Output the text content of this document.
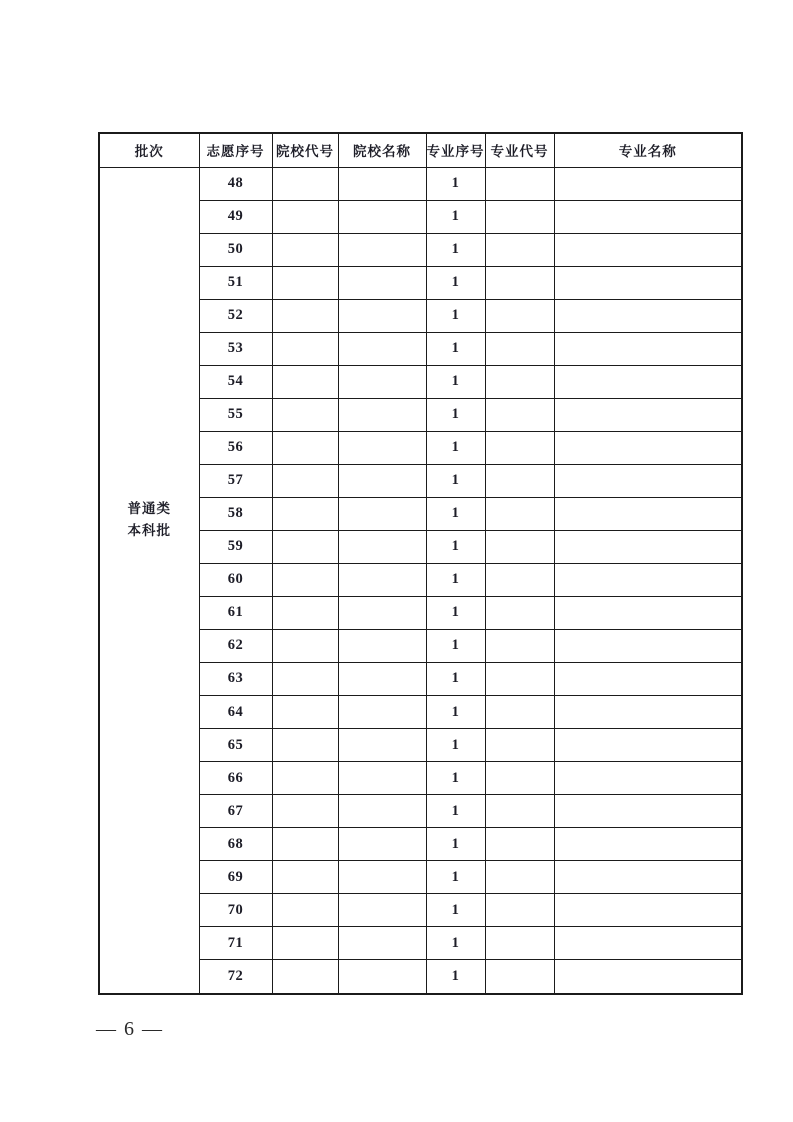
批次	志愿序号	院校代号	院校名称	专业序号	专业代号	专业名称

普通类
本科批	48			1		
	49			1		
	50			1		
	51			1		
	52			1		
	53			1		
	54			1		
	55			1		
	56			1		
	57			1		
	58			1		
	59			1		
	60			1		
	61			1		
	62			1		
	63			1		
	64			1		
	65			1		
	66			1		
	67			1		
	68			1		
	69			1		
	70			1		
	71			1		
	72			1		
— 6 —
